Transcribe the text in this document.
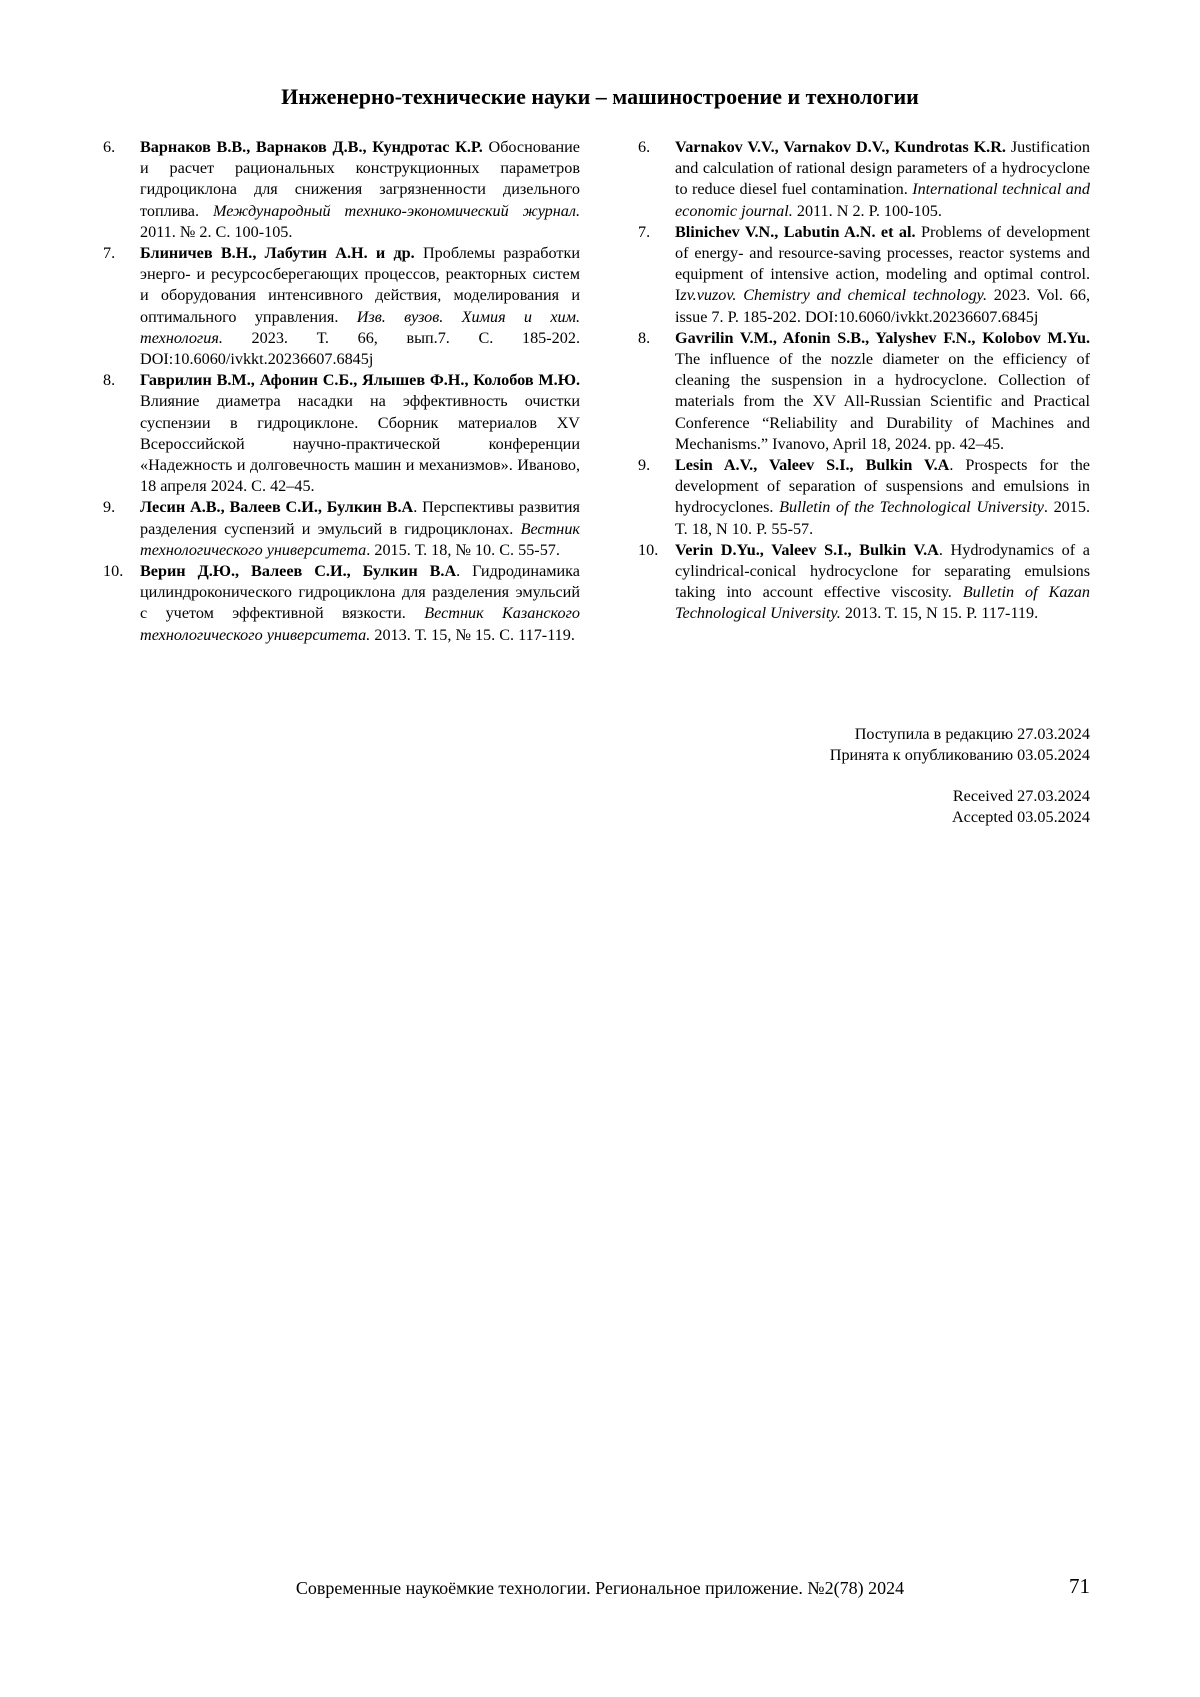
Инженерно-технические науки – машиностроение и технологии
6.	Варнаков В.В., Варнаков Д.В., Кундротас К.Р. Обоснование и расчет рациональных конструкционных параметров гидроциклона для снижения загрязненности дизельного топлива. Международный технико-экономический журнал. 2011. № 2. С. 100-105.
7.	Блиничев В.Н., Лабутин А.Н. и др. Проблемы разработки энерго- и ресурсосберегающих процессов, реакторных систем и оборудования интенсивного действия, моделирования и оптимального управления. Изв. вузов. Химия и хим. технология. 2023. Т. 66, вып.7. С. 185-202. DOI:10.6060/ivkkt.20236607.6845j
8.	Гаврилин В.М., Афонин С.Б., Ялышев Ф.Н., Колобов М.Ю. Влияние диаметра насадки на эффективность очистки суспензии в гидроциклоне. Сборник материалов XV Всероссийской научно-практической конференции «Надежность и долговечность машин и механизмов». Иваново, 18 апреля 2024. С. 42–45.
9.	Лесин А.В., Валеев С.И., Булкин В.А. Перспективы развития разделения суспензий и эмульсий в гидроциклонах. Вестник технологического университета. 2015. Т. 18, № 10. С. 55-57.
10.	Верин Д.Ю., Валеев С.И., Булкин В.А. Гидродинамика цилиндроконического гидроциклона для разделения эмульсий с учетом эффективной вязкости. Вестник Казанского технологического университета. 2013. Т. 15, № 15. С. 117-119.
6.	Varnakov V.V., Varnakov D.V., Kundrotas K.R. Justification and calculation of rational design parameters of a hydrocyclone to reduce diesel fuel contamination. International technical and economic journal. 2011. N 2. P. 100-105.
7.	Blinichev V.N., Labutin A.N. et al. Problems of development of energy- and resource-saving processes, reactor systems and equipment of intensive action, modeling and optimal control. Izv.vuzov. Chemistry and chemical technology. 2023. Vol. 66, issue 7. P. 185-202. DOI:10.6060/ivkkt.20236607.6845j
8.	Gavrilin V.M., Afonin S.B., Yalyshev F.N., Kolobov M.Yu. The influence of the nozzle diameter on the efficiency of cleaning the suspension in a hydrocyclone. Collection of materials from the XV All-Russian Scientific and Practical Conference “Reliability and Durability of Machines and Mechanisms.” Ivanovo, April 18, 2024. pp. 42–45.
9.	Lesin A.V., Valeev S.I., Bulkin V.A. Prospects for the development of separation of suspensions and emulsions in hydrocyclones. Bulletin of the Technological University. 2015. T. 18, N 10. P. 55-57.
10.	Verin D.Yu., Valeev S.I., Bulkin V.A. Hydrodynamics of a cylindrical-conical hydrocyclone for separating emulsions taking into account effective viscosity. Bulletin of Kazan Technological University. 2013. T. 15, N 15. P. 117-119.
Поступила в редакцию 27.03.2024
Принята к опубликованию 03.05.2024
Received 27.03.2024
Accepted 03.05.2024
Современные наукоёмкие технологии. Региональное приложение. №2(78) 2024	71
